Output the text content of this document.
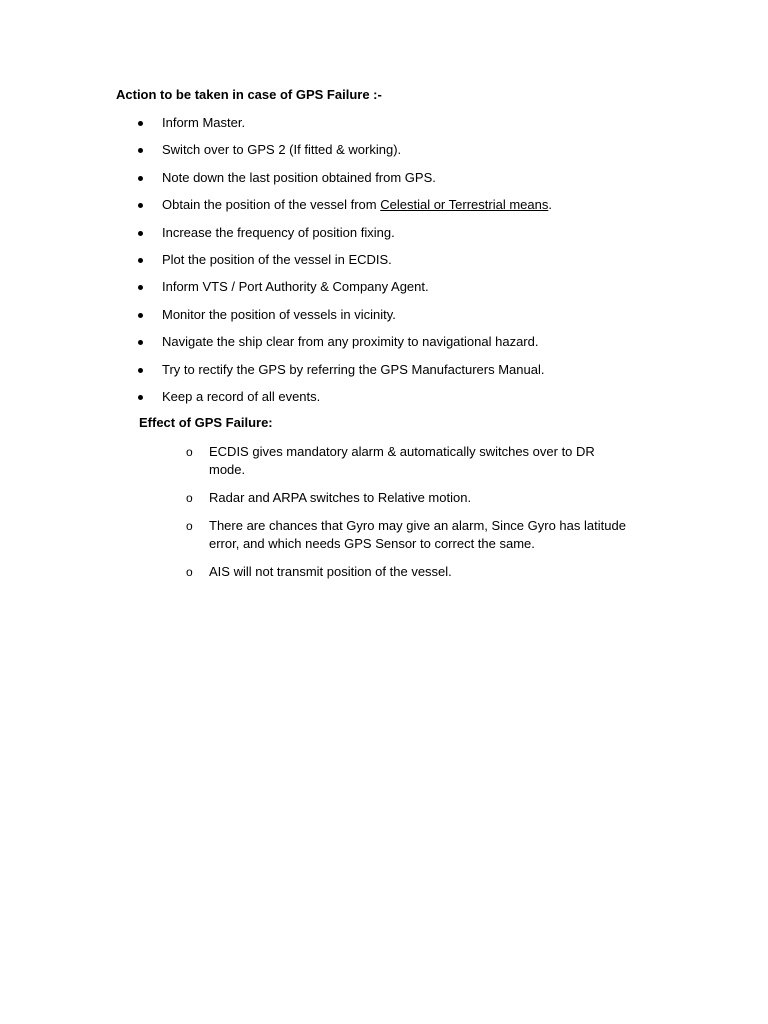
Action to be taken in case of GPS Failure :-
Inform Master.
Switch over to GPS 2 (If fitted & working).
Note down the last position obtained from GPS.
Obtain the position of the vessel from Celestial or Terrestrial means.
Increase the frequency of position fixing.
Plot the position of the vessel in ECDIS.
Inform VTS / Port Authority & Company Agent.
Monitor the position of vessels in vicinity.
Navigate the ship clear from any proximity to navigational hazard.
Try to rectify the GPS by referring the GPS Manufacturers Manual.
Keep a record of all events.
Effect of GPS Failure:
o ECDIS gives mandatory alarm & automatically switches over to DR mode.
o Radar and ARPA switches to Relative motion.
o There are chances that Gyro may give an alarm, Since Gyro has latitude error, and which needs GPS Sensor to correct the same.
o AIS will not transmit position of the vessel.
